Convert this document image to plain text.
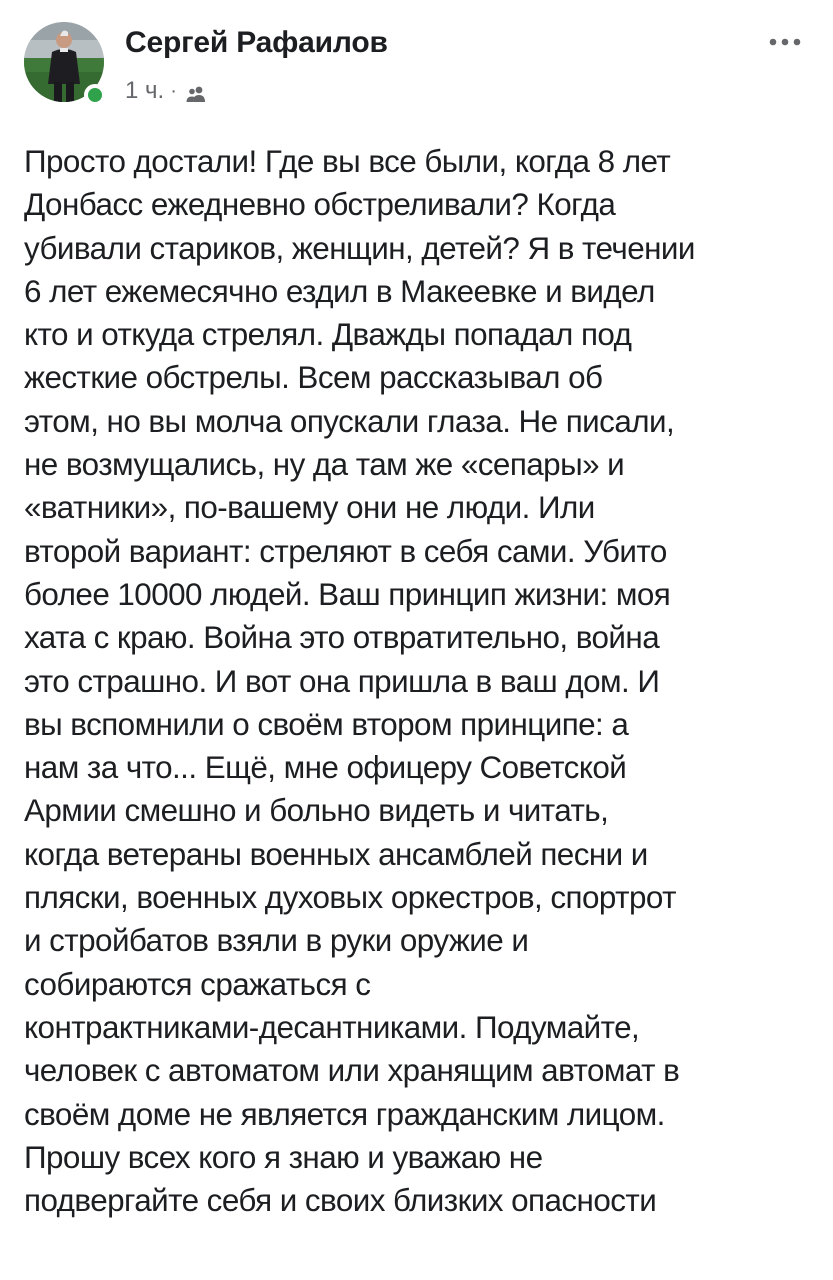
Сергей Рафаилов
1 ч. ·

Просто достали! Где вы все были, когда 8 лет
Донбасс ежедневно обстреливали? Когда
убивали стариков, женщин, детей? Я в течении
6 лет ежемесячно ездил в Макеевке и видел
кто и откуда стрелял. Дважды попадал под
жесткие обстрелы. Всем рассказывал об
этом, но вы молча опускали глаза. Не писали,
не возмущались, ну да там же «сепары» и
«ватники», по-вашему они не люди. Или
второй вариант: стреляют в себя сами. Убито
более 10000 людей. Ваш принцип жизни: моя
хата с краю. Война это отвратительно, война
это страшно. И вот она пришла в ваш дом. И
вы вспомнили о своём втором принципе: а
нам за что... Ещё, мне офицеру Советской
Армии смешно и больно видеть и читать,
когда ветераны военных ансамблей песни и
пляски, военных духовых оркестров, спортрот
и стройбатов взяли в руки оружие и
собираются сражаться с
контрактниками-десантниками. Подумайте,
человек с автоматом или хранящим автомат в
своём доме не является гражданским лицом.
Прошу всех кого я знаю и уважаю не
подвергайте себя и своих близких опасности
